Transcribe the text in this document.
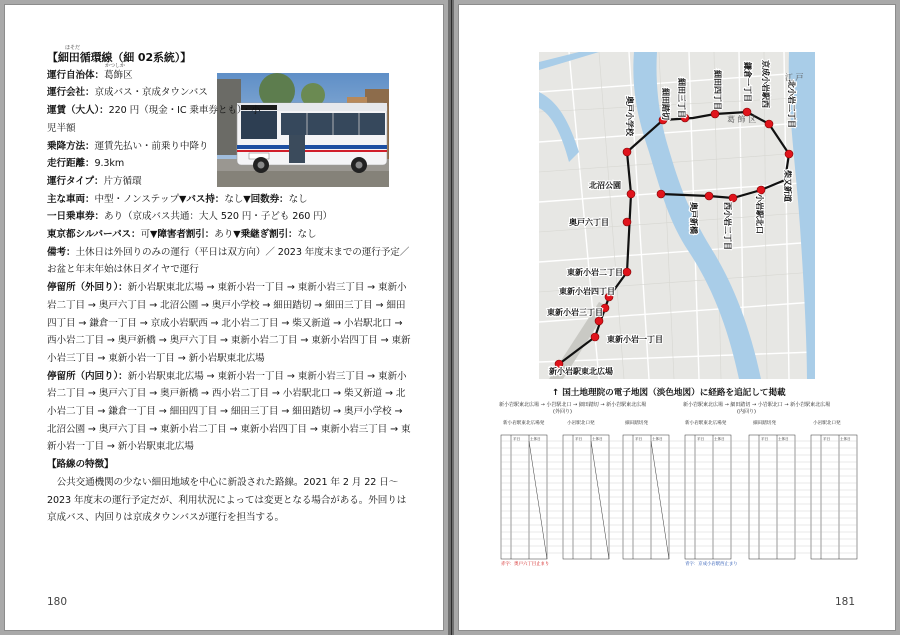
ほそだ
かつしか

【細田循環線（細 02系統）】

運行自治体：葛飾区

運行会社：京成バス・京成タウンバス

運賃（大人）：220 円（現金・IC 乗車券とも）・小児半額

乗降方法：運賃先払い・前乗り中降り

走行距離：9.3km

運行タイプ：片方循環

主な車両：中型・ノンステップ▼バス持：なし▼回数券：なし

一日乗車券：あり（京成バス共通：大人 520 円・子ども 260 円）

東京都シルバーパス：可▼障害者割引：あり▼乗継ぎ割引：なし

備考：土休日は外回りのみの運行（平日は双方向）／ 2023 年度末までの運行予定／お盆と年末年始は休日ダイヤで運行

停留所（外回り）：新小岩駅東北広場 → 東新小岩一丁目 → 東新小岩三丁目 → 東新小岩二丁目 → 奥戸六丁目 → 北沼公園 → 奥戸小学校 → 細田踏切 → 細田三丁目 → 細田四丁目 → 鎌倉一丁目 → 京成小岩駅西 → 北小岩二丁目 → 柴又新道 → 小岩駅北口 → 西小岩二丁目 → 奥戸新橋 → 奥戸六丁目 → 東新小岩二丁目 → 東新小岩四丁目 → 東新小岩三丁目 → 東新小岩一丁目 → 新小岩駅東北広場

停留所（内回り）：新小岩駅東北広場 → 東新小岩一丁目 → 東新小岩三丁目 → 東新小岩二丁目 → 奥戸六丁目 → 奥戸新橋 → 西小岩二丁目 → 小岩駅北口 → 柴又新道 → 北小岩二丁目 → 鎌倉一丁目 → 細田四丁目 → 細田三丁目 → 細田踏切 → 奥戸小学校 → 北沼公園 → 奥戸六丁目 → 東新小岩二丁目 → 東新小岩四丁目 → 東新小岩三丁目 → 東新小岩一丁目 → 新小岩駅東北広場

【路線の特徴】

公共交通機関の少ない細田地域を中心に新設された路線。2021 年 2 月 22 日～ 2023 年度末の運行予定だが、利用状況によっては変更となる場合がある。外回りは京成バス、内回りは京成タウンバスが運行を担当する。

180
京成小岩駅西
鎌倉一丁目
細田四丁目
細田三丁目
細田踏切
奥戸小学校	北小岩二丁目
柴又新道
小岩駅北口
西小岩二丁目
奥戸新橋
北沼公園
奥戸六丁目
東新小岩二丁目
東新小岩四丁目
東新小岩三丁目
東新小岩一丁目
新小岩駅東北広場
葛 飾 区
江 戸
↑ 国土地理院の電子地図（淡色地図）に経路を追記して掲載
新小岩駅東北広場 → 小岩駅北口 → 細田踏切 → 新小岩駅東北広場
(外回り)
新小岩駅東北広場 → 細田踏切 → 小岩駅北口 → 新小岩駅東北広場
(内回り)
新小岩駅東北広場発	小岩駅北口発	細田踏切発	新小岩駅東北広場発	細田踏切発	小岩駅北口発
平日	土休日	平日	土休日	平日	土休日	平日	土休日	平日	土休日	平日	土休日
赤字：奥戸六丁目止まり	青字：京成小岩駅西止まり
181
